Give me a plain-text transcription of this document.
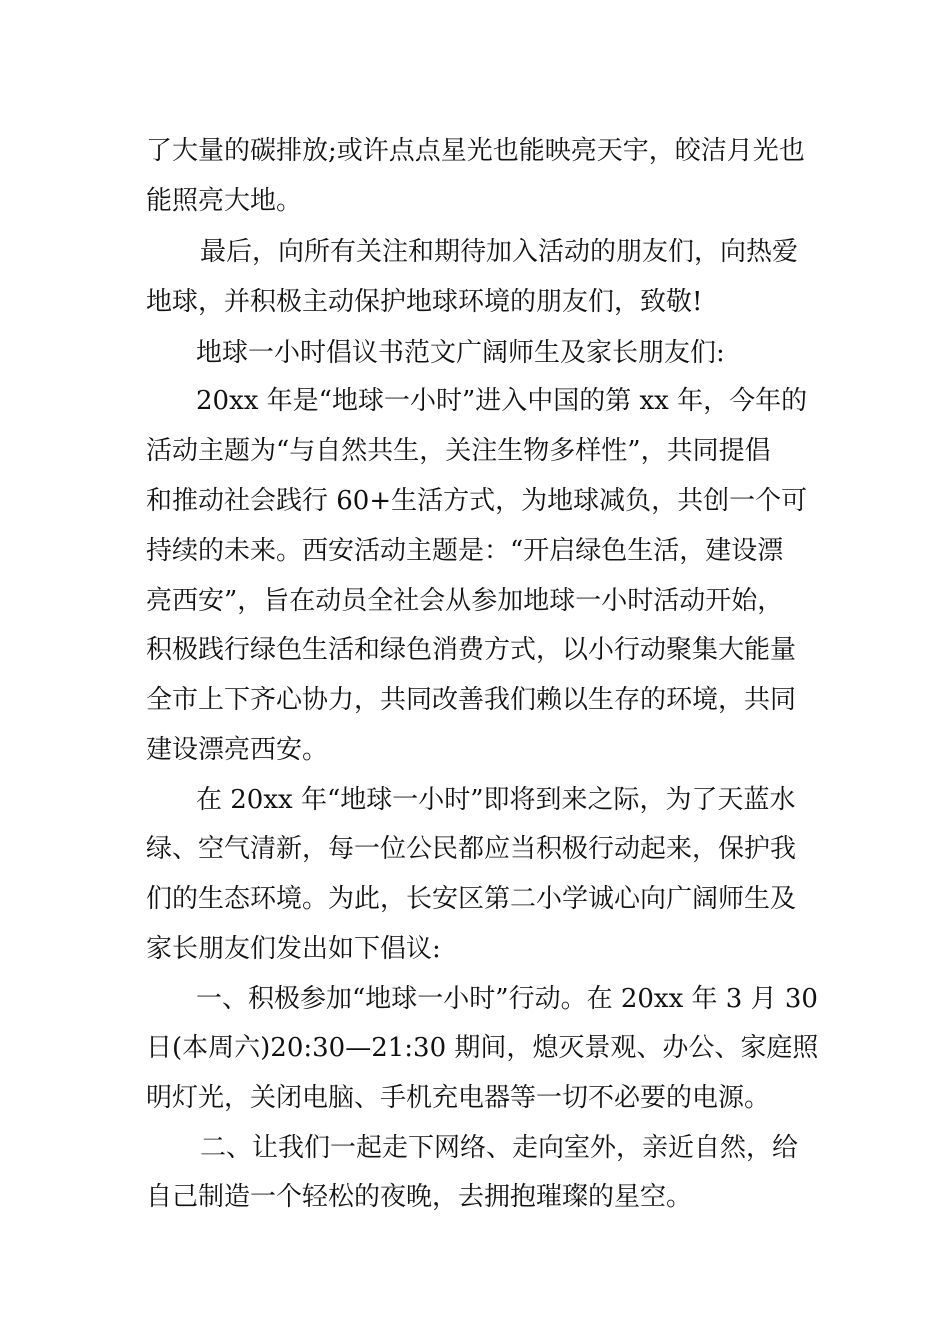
了大量的碳排放;或许点点星光也能映亮天宇，皎洁月光也

能照亮大地。

最后，向所有关注和期待加入活动的朋友们，向热爱

地球，并积极主动保护地球环境的朋友们，致敬!

地球一小时倡议书范文广阔师生及家长朋友们:

20xx 年是“地球一小时”进入中国的第 xx 年，今年的

活动主题为“与自然共生，关注生物多样性”，共同提倡

和推动社会践行 60+生活方式，为地球减负，共创一个可

持续的未来。西安活动主题是：“开启绿色生活，建设漂

亮西安”，旨在动员全社会从参加地球一小时活动开始，

积极践行绿色生活和绿色消费方式，以小行动聚集大能量

全市上下齐心协力，共同改善我们赖以生存的环境，共同

建设漂亮西安。

在 20xx 年“地球一小时”即将到来之际，为了天蓝水

绿、空气清新，每一位公民都应当积极行动起来，保护我

们的生态环境。为此，长安区第二小学诚心向广阔师生及

家长朋友们发出如下倡议:

一、积极参加“地球一小时”行动。在 20xx 年 3 月 30

日(本周六)20:30—21:30 期间，熄灭景观、办公、家庭照

明灯光，关闭电脑、手机充电器等一切不必要的电源。

二、让我们一起走下网络、走向室外，亲近自然，给

自己制造一个轻松的夜晚，去拥抱璀璨的星空。
